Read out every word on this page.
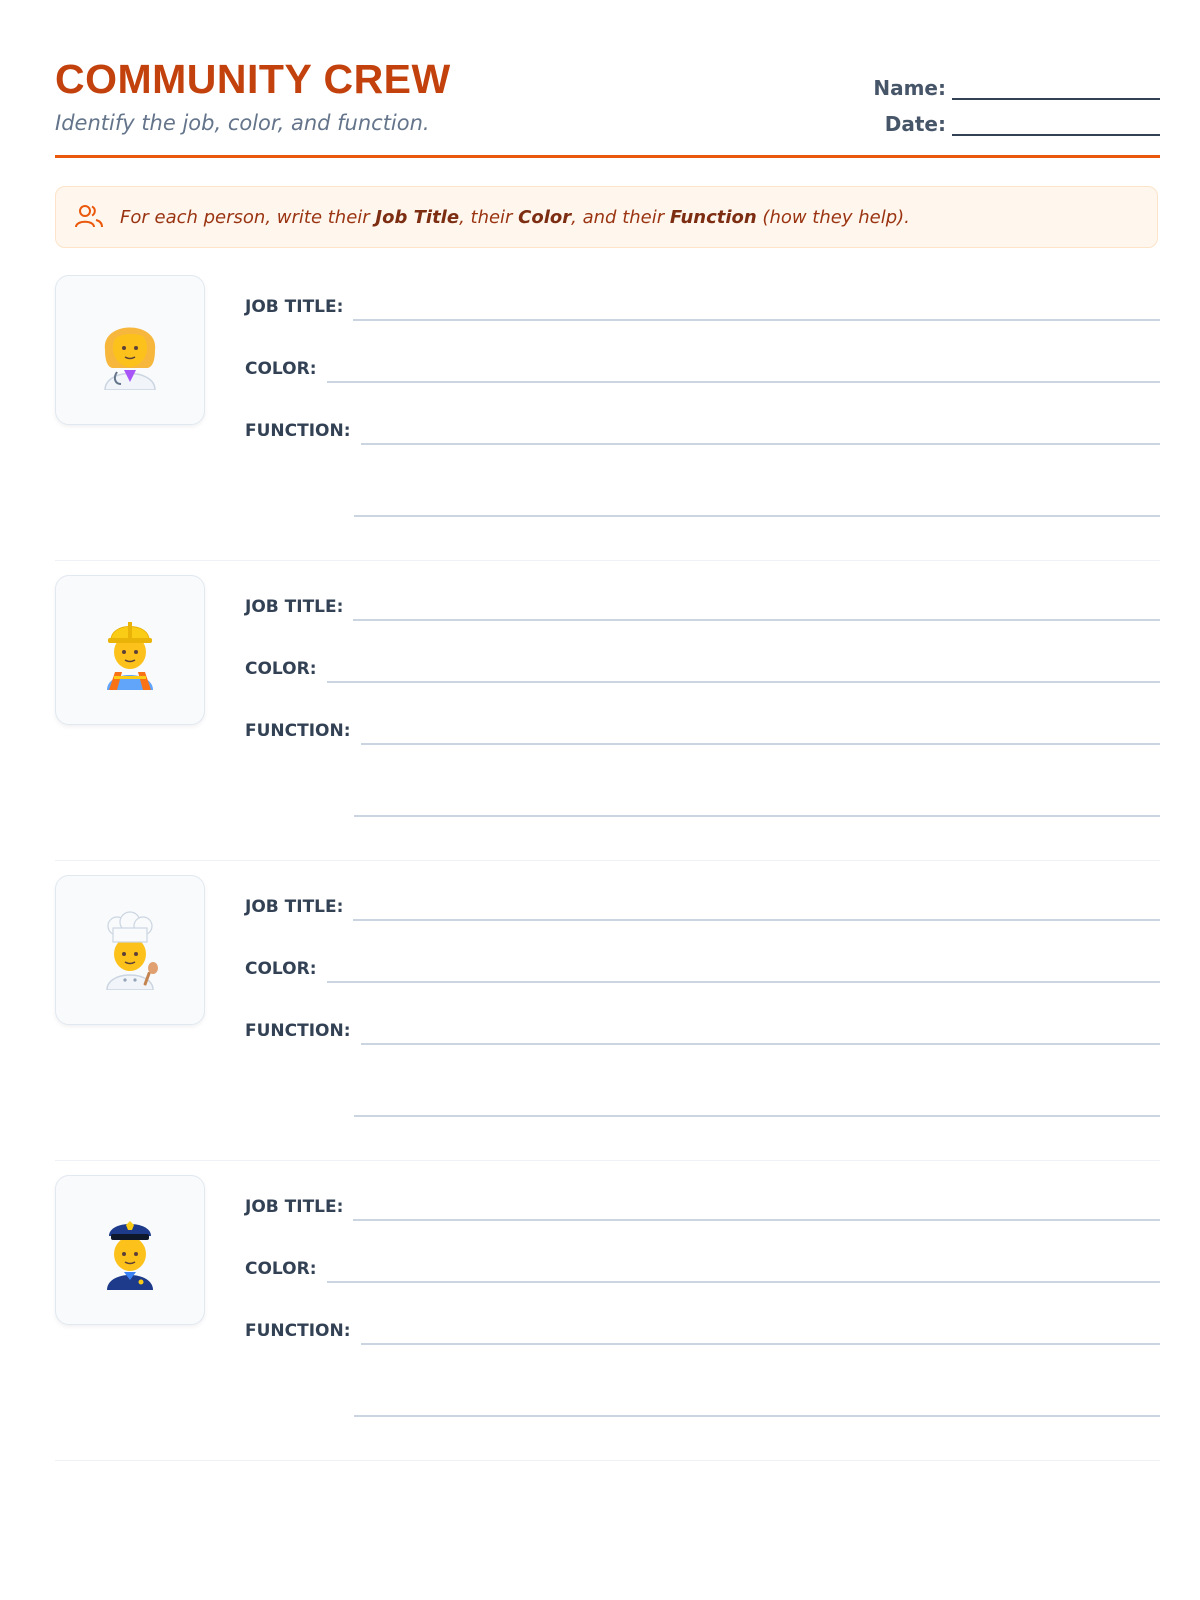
COMMUNITY CREW

Identify the job, color, and function.

Name:
Date:
For each person, write their Job Title, their Color, and their Function (how they help).
JOB TITLE:
COLOR:
FUNCTION:
JOB TITLE:
COLOR:
FUNCTION:
JOB TITLE:
COLOR:
FUNCTION:
JOB TITLE:
COLOR:
FUNCTION:
